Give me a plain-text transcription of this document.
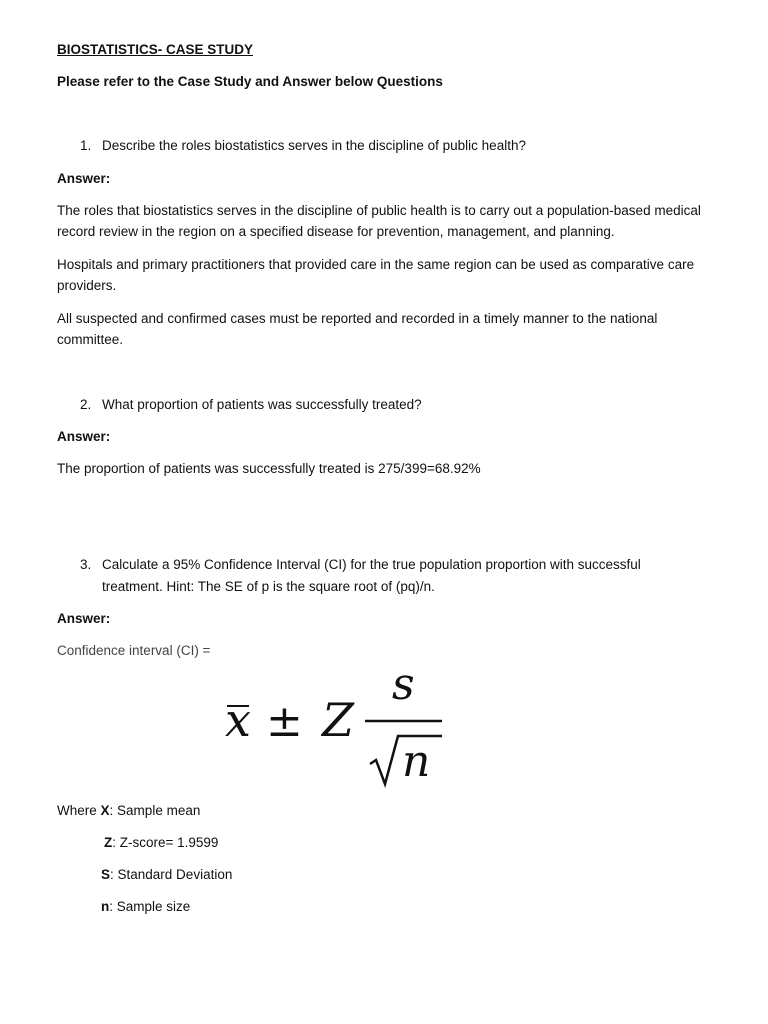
BIOSTATISTICS- CASE STUDY
Please refer to the Case Study and Answer below Questions
1. Describe the roles biostatistics serves in the discipline of public health?
Answer:
The roles that biostatistics serves in the discipline of public health is to carry out a population-based medical record review in the region on a specified disease for prevention, management, and planning.
Hospitals and primary practitioners that provided care in the same region can be used as comparative care providers.
All suspected and confirmed cases must be reported and recorded in a timely manner to the national committee.
2. What proportion of patients was successfully treated?
Answer:
The proportion of patients was successfully treated is 275/399=68.92%
3. Calculate a 95% Confidence Interval (CI) for the true population proportion with successful
treatment. Hint: The SE of p is the square root of (pq)/n.
Answer:
Confidence interval (CI) =
x ± Z
s
n
Where X: Sample mean
Z: Z-score= 1.9599
S: Standard Deviation
n: Sample size
